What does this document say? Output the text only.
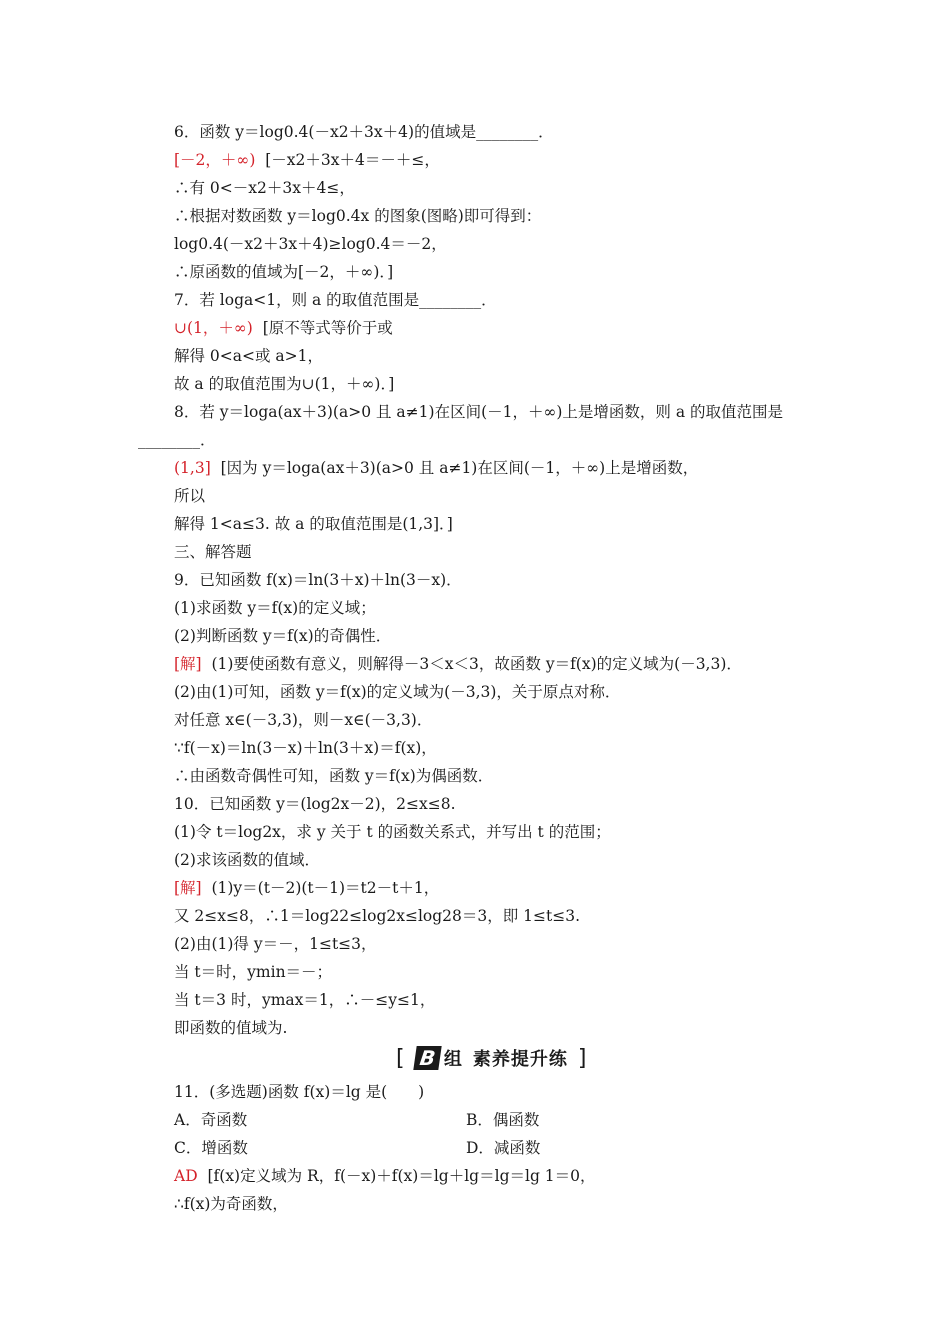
6．函数 y＝log0.4(－x2＋3x＋4)的值域是________．
[－2，＋∞) [－x2＋3x＋4＝－＋≤，
∴有 0<－x2＋3x＋4≤，
∴根据对数函数 y＝log0.4x 的图象(图略)即可得到：
log0.4(－x2＋3x＋4)≥log0.4＝－2，
∴原函数的值域为[－2，＋∞)．]
7．若 loga<1，则 a 的取值范围是________．
∪(1，＋∞) [原不等式等价于或
解得 0<a<或 a>1，
故 a 的取值范围为∪(1，＋∞)．]
8．若 y＝loga(ax＋3)(a>0 且 a≠1)在区间(－1，＋∞)上是增函数，则 a 的取值范围是
________．
(1,3] [因为 y＝loga(ax＋3)(a>0 且 a≠1)在区间(－1，＋∞)上是增函数，
所以
解得 1<a≤3. 故 a 的取值范围是(1,3]．]
三、解答题
9．已知函数 f(x)＝ln(3＋x)＋ln(3－x)．
(1)求函数 y＝f(x)的定义域；
(2)判断函数 y＝f(x)的奇偶性．
[解] (1)要使函数有意义，则解得－3＜x＜3，故函数 y＝f(x)的定义域为(－3,3)．
(2)由(1)可知，函数 y＝f(x)的定义域为(－3,3)，关于原点对称．
对任意 x∈(－3,3)，则－x∈(－3,3)．
∵f(－x)＝ln(3－x)＋ln(3＋x)＝f(x)，
∴由函数奇偶性可知，函数 y＝f(x)为偶函数．
10．已知函数 y＝(log2x－2)，2≤x≤8.
(1)令 t＝log2x，求 y 关于 t 的函数关系式，并写出 t 的范围；
(2)求该函数的值域．
[解] (1)y＝(t－2)(t－1)＝t2－t＋1，
又 2≤x≤8，∴1＝log22≤log2x≤log28＝3，即 1≤t≤3.
(2)由(1)得 y＝－，1≤t≤3，
当 t＝时，ymin＝－；
当 t＝3 时，ymax＝1，∴－≤y≤1，
即函数的值域为.
[ B 组 素养提升练 ]
11．(多选题)函数 f(x)＝lg 是(　　)
A．奇函数	B．偶函数
C．增函数	D．减函数
AD [f(x)定义域为 R，f(－x)＋f(x)＝lg＋lg＝lg＝lg 1＝0，
∴f(x)为奇函数，
